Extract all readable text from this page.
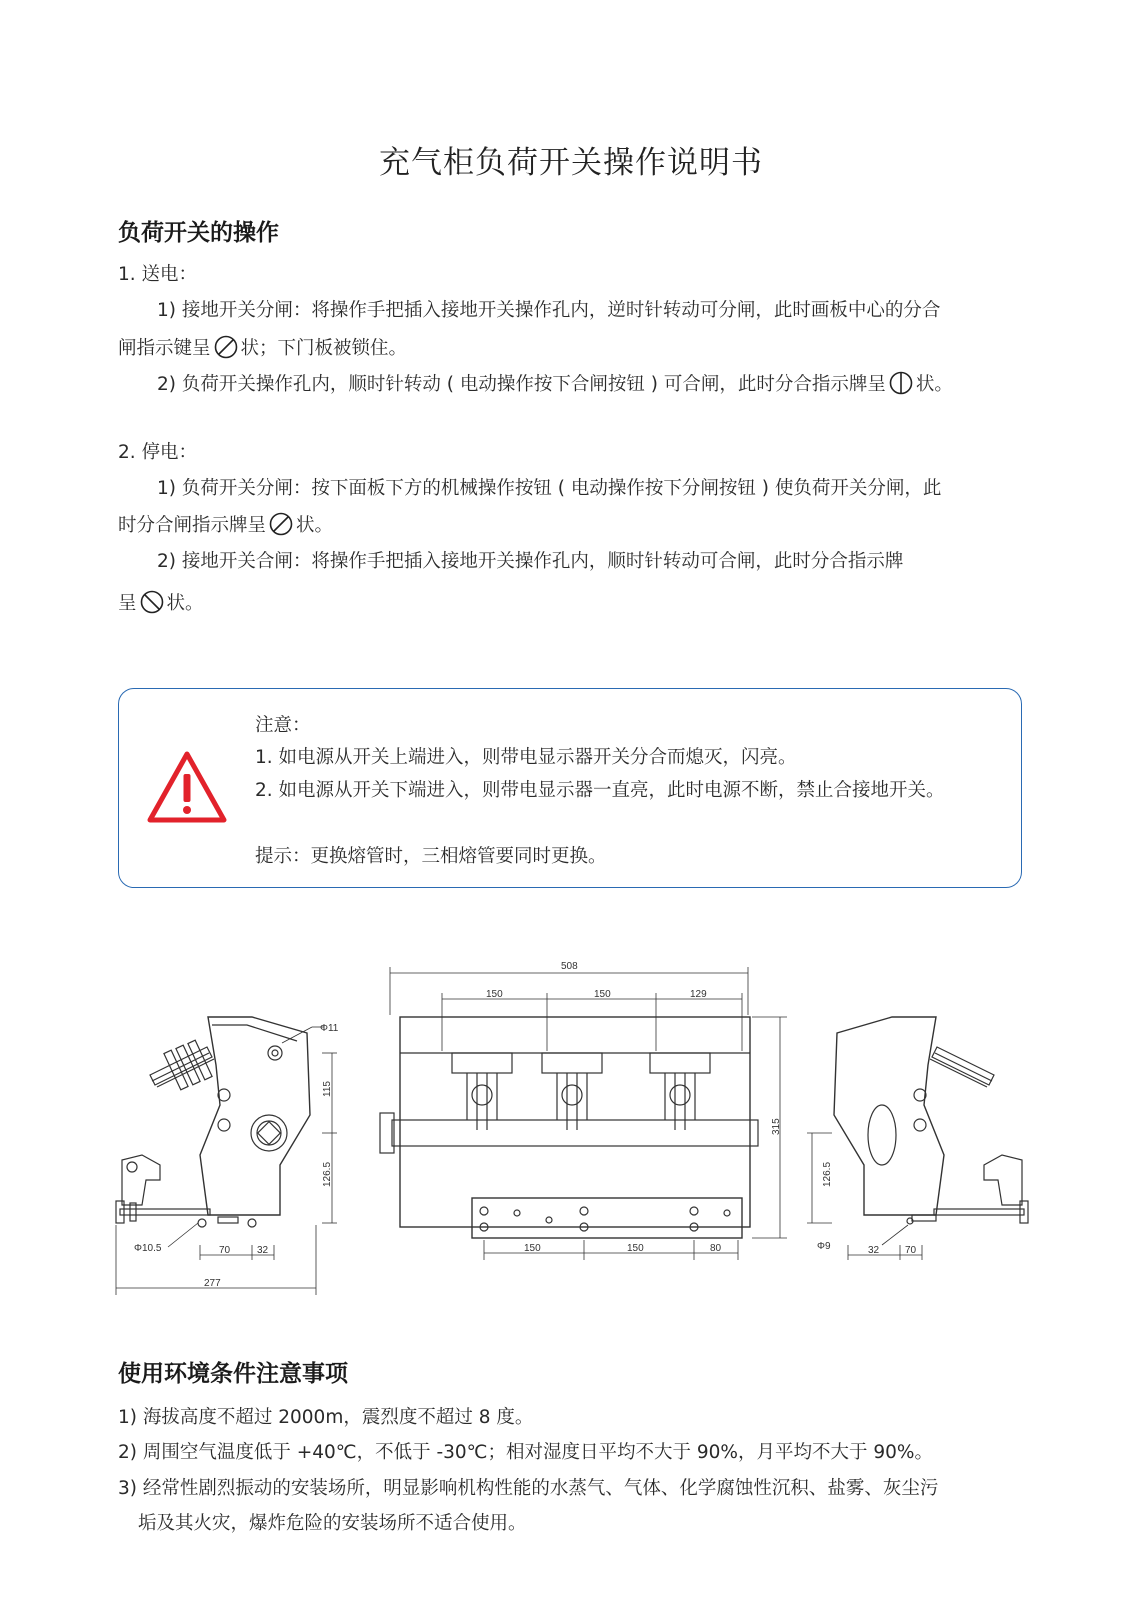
充气柜负荷开关操作说明书
负荷开关的操作
1. 送电：
1) 接地开关分闸：将操作手把插入接地开关操作孔内，逆时针转动可分闸，此时画板中心的分合
闸指示键呈 状；下门板被锁住。
2) 负荷开关操作孔内，顺时针转动 ( 电动操作按下合闸按钮 ) 可合闸，此时分合指示牌呈 状。
2. 停电：
1) 负荷开关分闸：按下面板下方的机械操作按钮 ( 电动操作按下分闸按钮 ) 使负荷开关分闸，此
时分合闸指示牌呈 状。
2) 接地开关合闸：将操作手把插入接地开关操作孔内，顺时针转动可合闸，此时分合指示牌
呈 状。
注意：
1. 如电源从开关上端进入，则带电显示器开关分合而熄灭，闪亮。
2. 如电源从开关下端进入，则带电显示器一直亮，此时电源不断，禁止合接地开关。
提示：更换熔管时，三相熔管要同时更换。
Φ11
115
126.5
Φ10.5	70	32
277
508
150	150	129
315
150	150	80
126.5
Φ9	32	70
使用环境条件注意事项
1) 海拔高度不超过 2000m，震烈度不超过 8 度。
2) 周围空气温度低于 +40℃，不低于 -30℃；相对湿度日平均不大于 90%，月平均不大于 90%。
3) 经常性剧烈振动的安装场所，明显影响机构性能的水蒸气、气体、化学腐蚀性沉积、盐雾、灰尘污
垢及其火灾，爆炸危险的安装场所不适合使用。
